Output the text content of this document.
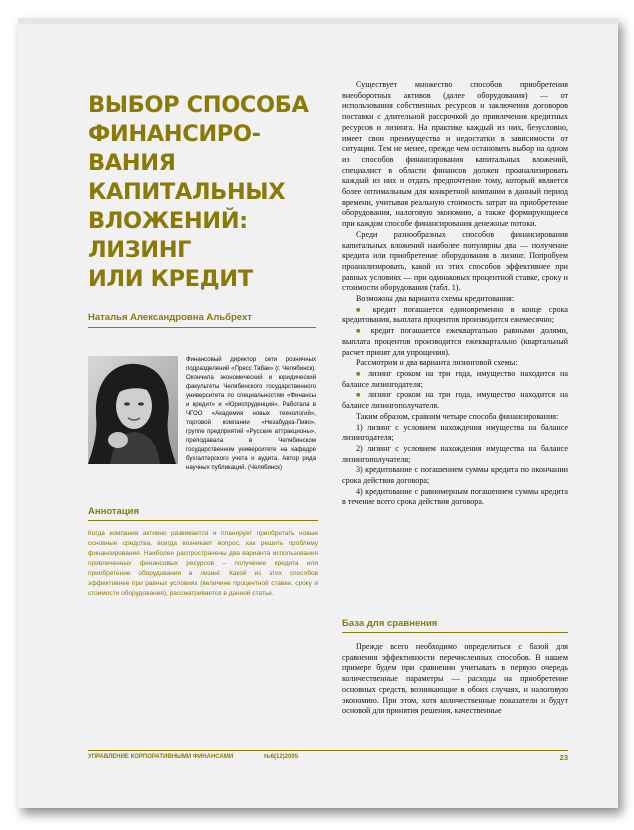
ВЫБОР СПОСОБА
ФИНАНСИРО-
ВАНИЯ
КАПИТАЛЬНЫХ
ВЛОЖЕНИЙ:
ЛИЗИНГ
ИЛИ КРЕДИТ
Наталья Александровна Альбрехт
Финансовый директор сети розничных подразделений «Пресс Табак» (г. Челябинск). Окончила экономический и юридический факультеты Челябинского государственного университета по специальностям «Финансы и кредит» и «Юриспруденция». Работала в ЧГОО «Академия новых технологий», торговой компании «Незабудка-Пиво», группе предприятий «Русские аттракционы», преподавала в Челябинском государственном университете на кафедре бухгалтерского учета и аудита. Автор ряда научных публикаций. (Челябинск)
Аннотация
Когда компания активно развивается и планирует приобретать новые основные средства, всегда возникает вопрос, как решить проблему финансирования. Наиболее распространены два варианта использования привлеченных финансовых ресурсов – получение кредита или приобретение оборудования в лизинг. Какой из этих способов эффективнее при равных условиях (величине процентной ставки, сроку и стоимости оборудования), рассматривается в данной статье.

Существует множество способов приобретения внеоборотных активов (далее оборудования) — от использования собственных ресурсов и заключения договоров поставки с длительной рассрочкой до привлечения кредитных ресурсов и лизинга. На практике каждый из них, безусловно, имеет свои преимущества и недостатки в зависимости от ситуации. Тем не менее, прежде чем остановить выбор на одном из способов финансирования капитальных вложений, специалист в области финансов должен проанализировать каждый из них и отдать предпочтение тому, который является более оптимальным для конкретной компании в данный период времени, учитывая реальную стоимость затрат на приобретение оборудования, налоговую экономию, а также формирующиеся при каждом способе финансирования денежные потоки.

Среди разнообразных способов финансирования капитальных вложений наиболее популярны два — получение кредита или приобретение оборудования в лизинг. Попробуем проанализировать, какой из этих способов эффективнее при равных условиях — при одинаковых процентной ставке, сроку и стоимости оборудования (табл. 1).

Возможны два варианта схемы кредитования:

■ кредит погашается единовременно в конце срока кредитования, выплата процентов производится ежемесячно;

■ кредит погашается ежеквартально равными долями, выплата процентов производится ежеквартально (квартальный расчет принят для упрощения).

Рассмотрим и два варианта лизинговой схемы:

■ лизинг сроком на три года, имущество находится на балансе лизингодателя;

■ лизинг сроком на три года, имущество находится на балансе лизингополучателя.

Таким образом, сравним четыре способа финансирования:

1) лизинг с условием нахождения имущества на балансе лизингодателя;

2) лизинг с условием нахождения имущества на балансе лизингополучателя;

3) кредитование с погашением суммы кредита по окончании срока действия договора;

4) кредитование с равномерным погашением суммы кредита в течение всего срока действия договора.

База для сравнения

Прежде всего необходимо определиться с базой для сравнения эффективности перечисленных способов. В нашем примере будем при сравнении учитывать в первую очередь количественные параметры — расходы на приобретение основных средств, возникающие в обоих случаях, и налоговую экономию. При этом, хотя количественные показатели и будут основой для принятия решения, качественные

УПРАВЛЕНИЕ КОРПОРАТИВНЫМИ ФИНАНСАМИ	№6(12)2005	23
